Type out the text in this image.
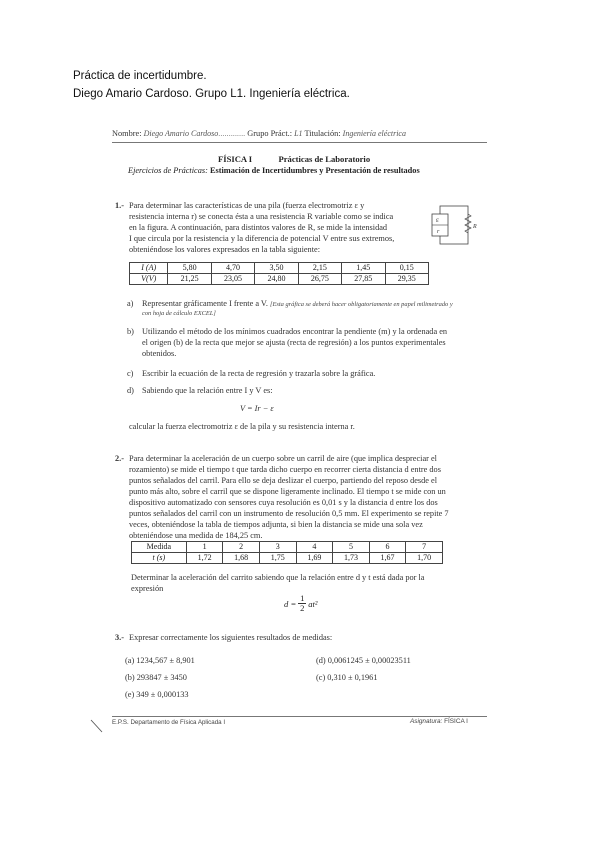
Práctica de incertidumbre.
Diego Amario Cardoso. Grupo L1. Ingeniería eléctrica.
Nombre: Diego Amario Cardoso............. Grupo Práct.: L1 Titulación: Ingeniería eléctrica
FÍSICA I	Prácticas de Laboratorio
Ejercicios de Prácticas: Estimación de Incertidumbres y Presentación de resultados
1.- Para determinar las características de una pila (fuerza electromotriz ε y
resistencia interna r) se conecta ésta a una resistencia R variable como se indica
en la figura. A continuación, para distintos valores de R, se mide la intensidad
I que circula por la resistencia y la diferencia de potencial V entre sus extremos,
obteniéndose los valores expresados en la tabla siguiente:
ε
r
R
I (A)	5,80	4,70	3,50	2,15	1,45	0,15
V(V)	21,25	23,05	24,80	26,75	27,85	29,35
a) Representar gráficamente I frente a V. [Esta gráfica se deberá hacer obligatoriamente en papel milimetrado y
con hoja de cálculo EXCEL]
b) Utilizando el método de los mínimos cuadrados encontrar la pendiente (m) y la ordenada en
el origen (b) de la recta que mejor se ajusta (recta de regresión) a los puntos experimentales
obtenidos.
c) Escribir la ecuación de la recta de regresión y trazarla sobre la gráfica.
d) Sabiendo que la relación entre I y V es:
V = Ir − ε
calcular la fuerza electromotriz ε de la pila y su resistencia interna r.
2.- Para determinar la aceleración de un cuerpo sobre un carril de aire (que implica despreciar el
rozamiento) se mide el tiempo t que tarda dicho cuerpo en recorrer cierta distancia d entre dos
puntos señalados del carril. Para ello se deja deslizar el cuerpo, partiendo del reposo desde el
punto más alto, sobre el carril que se dispone ligeramente inclinado. El tiempo t se mide con un
dispositivo automatizado con sensores cuya resolución es 0,01 s y la distancia d entre los dos
puntos señalados del carril con un instrumento de resolución 0,5 mm. El experimento se repite 7
veces, obteniéndose la tabla de tiempos adjunta, si bien la distancia se mide una sola vez
obteniéndose una medida de 184,25 cm.
Medida	1	2	3	4	5	6	7
t (s)	1,72	1,68	1,75	1,69	1,73	1,67	1,70
Determinar la aceleración del carrito sabiendo que la relación entre d y t está dada por la
expresión
d =
1
2 at²
3.- Expresar correctamente los siguientes resultados de medidas:
(a) 1234,567 ± 8,901
(b) 293847 ± 3450
(e) 349 ± 0,000133
(d) 0,0061245 ± 0,00023511
(c) 0,310 ± 0,1961
E.P.S. Departamento de Física Aplicada I	Asignatura: FÍSICA I
